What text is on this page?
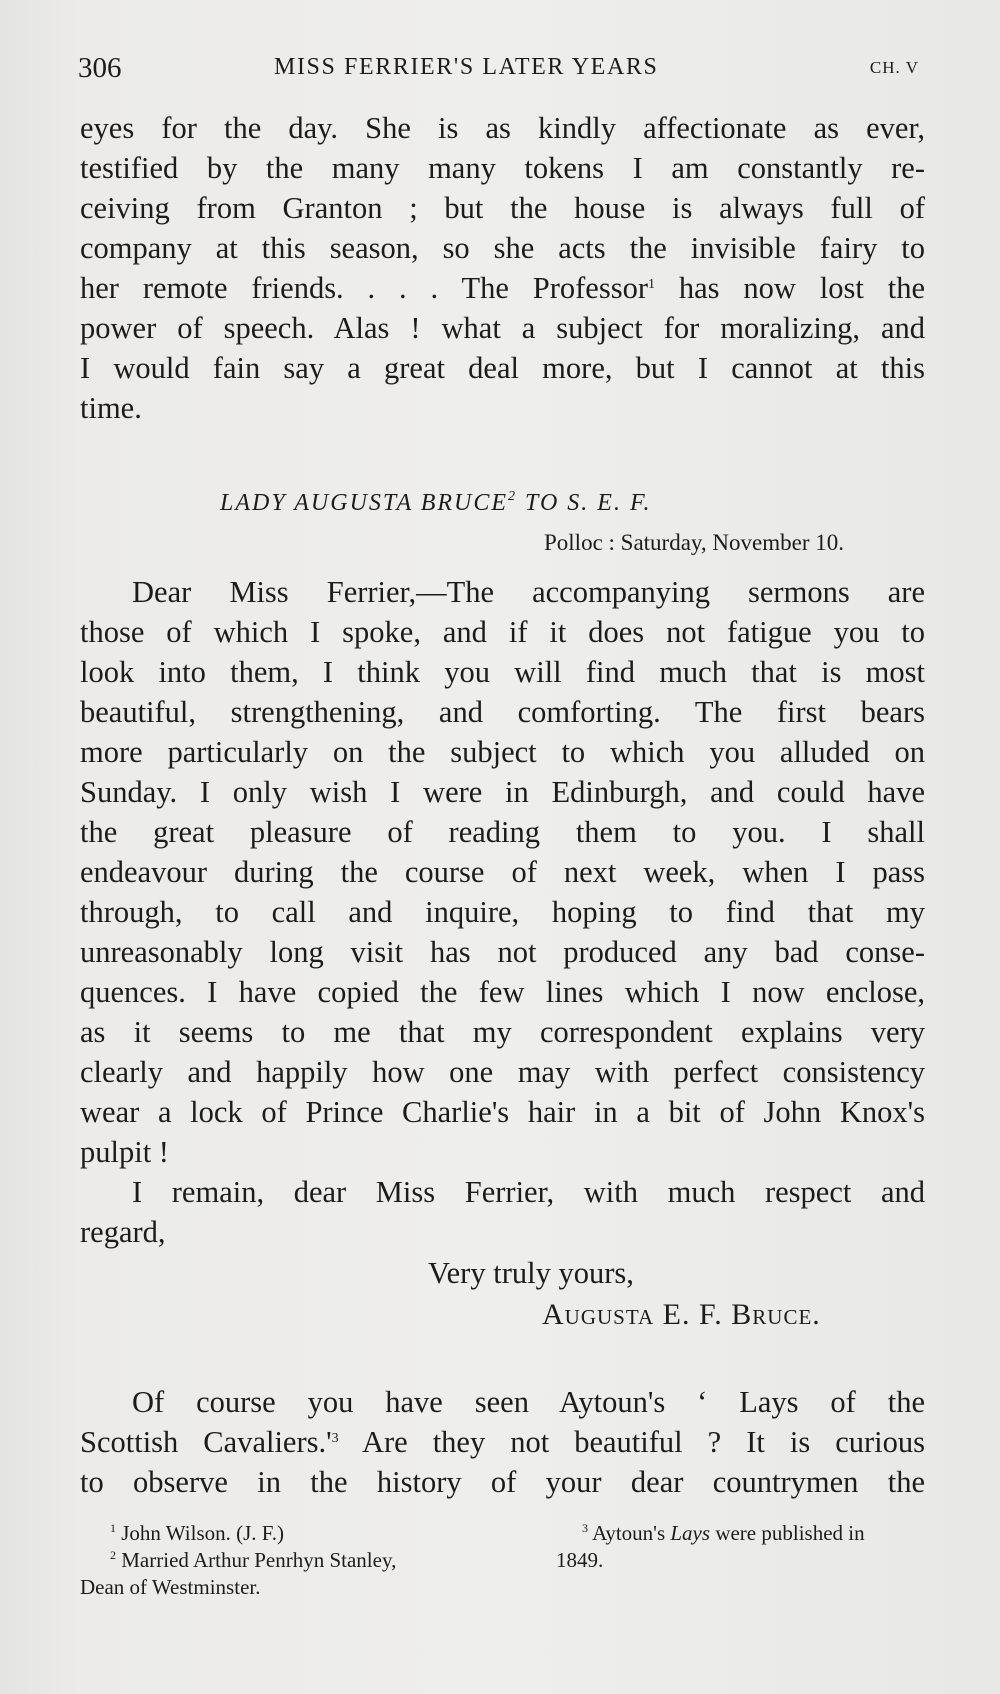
306	MISS FERRIER'S LATER YEARS	CH. V
eyes for the day. She is as kindly affectionate as ever,
testified by the many many tokens I am constantly re-
ceiving from Granton ; but the house is always full of
company at this season, so she acts the invisible fairy to
her remote friends. . . . The Professor$^1$ has now lost the
power of speech. Alas ! what a subject for moralizing, and
I would fain say a great deal more, but I cannot at this
time.
LADY AUGUSTA BRUCE$^2$ TO S. E. F.
Polloc : Saturday, November 10.
Dear Miss Ferrier,—The accompanying sermons are
those of which I spoke, and if it does not fatigue you to
look into them, I think you will find much that is most
beautiful, strengthening, and comforting. The first bears
more particularly on the subject to which you alluded on
Sunday. I only wish I were in Edinburgh, and could have
the great pleasure of reading them to you. I shall
endeavour during the course of next week, when I pass
through, to call and inquire, hoping to find that my
unreasonably long visit has not produced any bad conse-
quences. I have copied the few lines which I now enclose,
as it seems to me that my correspondent explains very
clearly and happily how one may with perfect consistency
wear a lock of Prince Charlie's hair in a bit of John Knox's
pulpit !
I remain, dear Miss Ferrier, with much respect and
regard,
Very truly yours,
Augusta E. F. Bruce.
Of course you have seen Aytoun's ‘ Lays of the
Scottish $Cavaliers.'^3$ Are they not beautiful ? It is curious
to observe in the history of your dear countrymen the
$^1$ John Wilson. (J. F.)
$^2$ Married Arthur Penrhyn Stanley,
Dean of Westminster.
$^3$ Aytoun's Lays were published in
1849.
